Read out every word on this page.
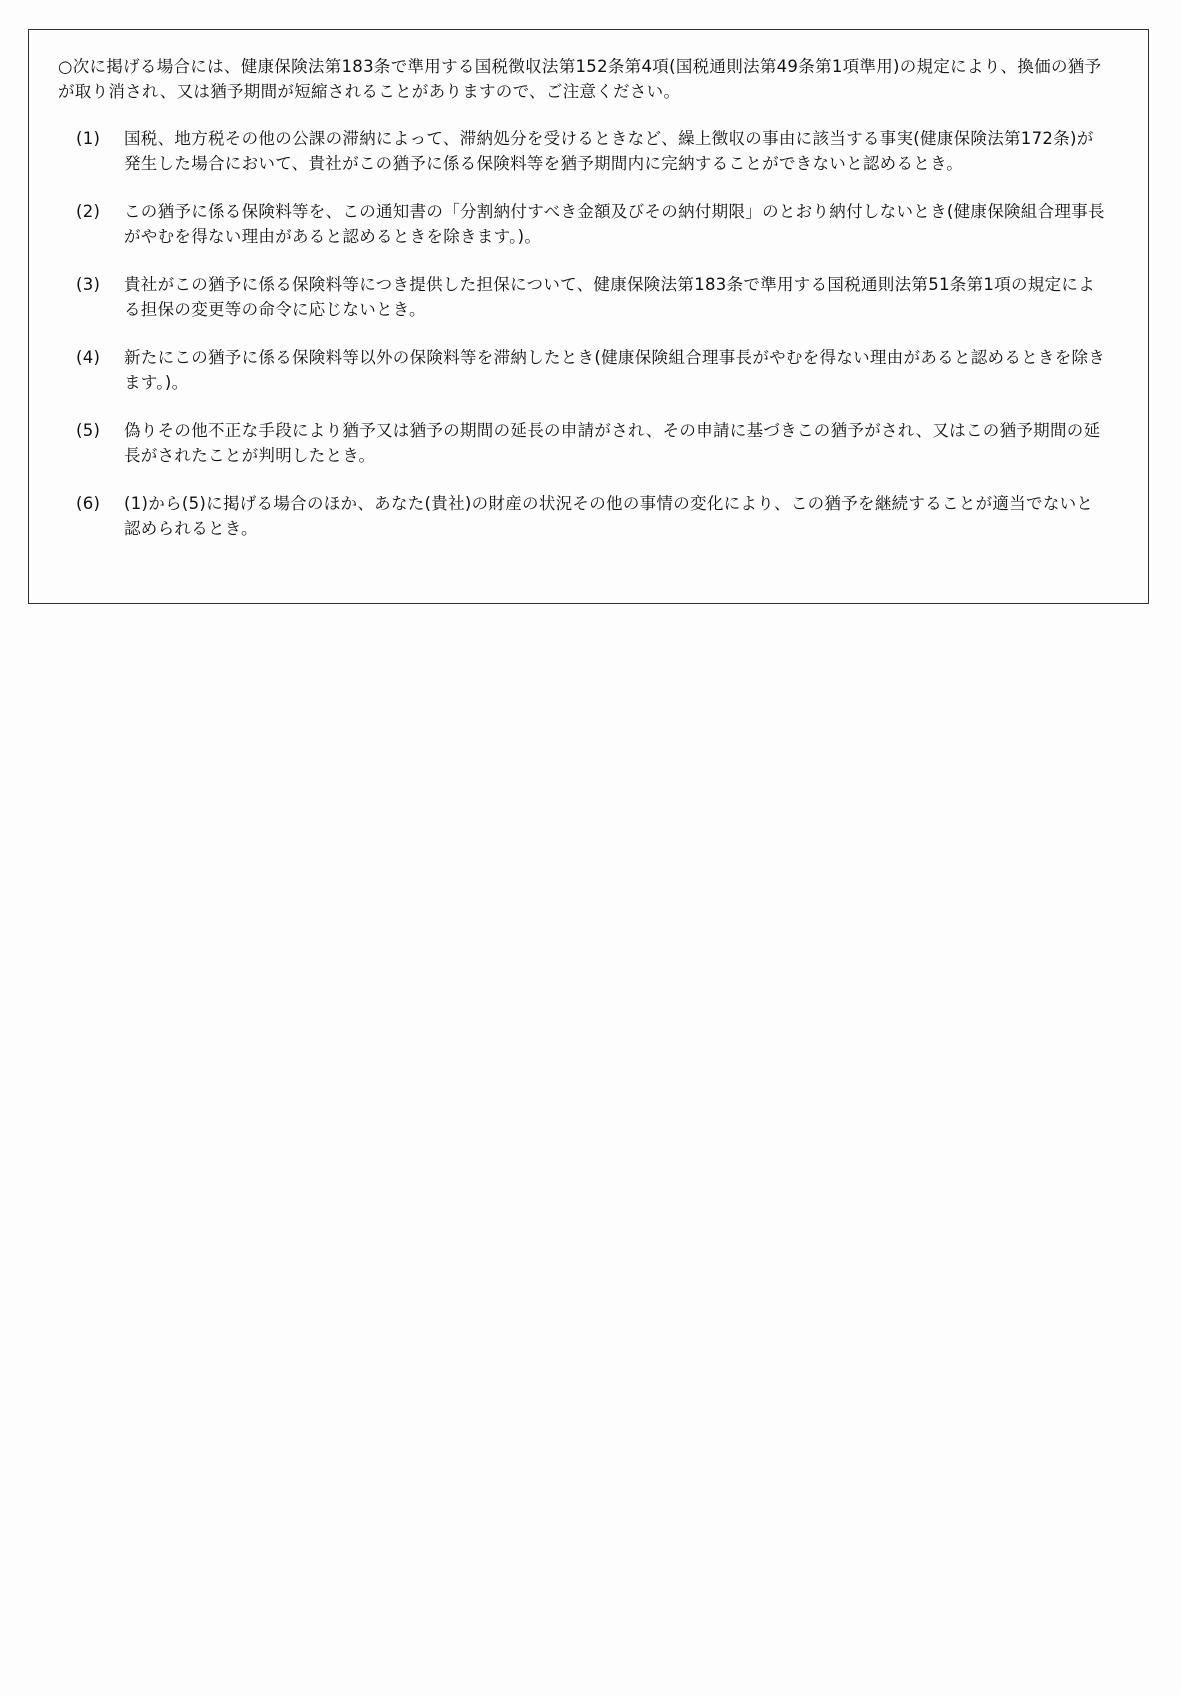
○次に掲げる場合には、健康保険法第183条で準用する国税徴収法第152条第4項(国税通則法第49条第1項準用)の規定により、換価の猶予が取り消され、又は猶予期間が短縮されることがありますので、ご注意ください。

(1)	国税、地方税その他の公課の滞納によって、滞納処分を受けるときなど、繰上徴収の事由に該当する事実(健康保険法第172条)が発生した場合において、貴社がこの猶予に係る保険料等を猶予期間内に完納することができないと認めるとき。
(2)	この猶予に係る保険料等を、この通知書の「分割納付すべき金額及びその納付期限」のとおり納付しないとき(健康保険組合理事長がやむを得ない理由があると認めるときを除きます。)。
(3)	貴社がこの猶予に係る保険料等につき提供した担保について、健康保険法第183条で準用する国税通則法第51条第1項の規定による担保の変更等の命令に応じないとき。
(4)	新たにこの猶予に係る保険料等以外の保険料等を滞納したとき(健康保険組合理事長がやむを得ない理由があると認めるときを除きます。)。
(5)	偽りその他不正な手段により猶予又は猶予の期間の延長の申請がされ、その申請に基づきこの猶予がされ、又はこの猶予期間の延長がされたことが判明したとき。
(6)	(1)から(5)に掲げる場合のほか、あなた(貴社)の財産の状況その他の事情の変化により、この猶予を継続することが適当でないと認められるとき。
